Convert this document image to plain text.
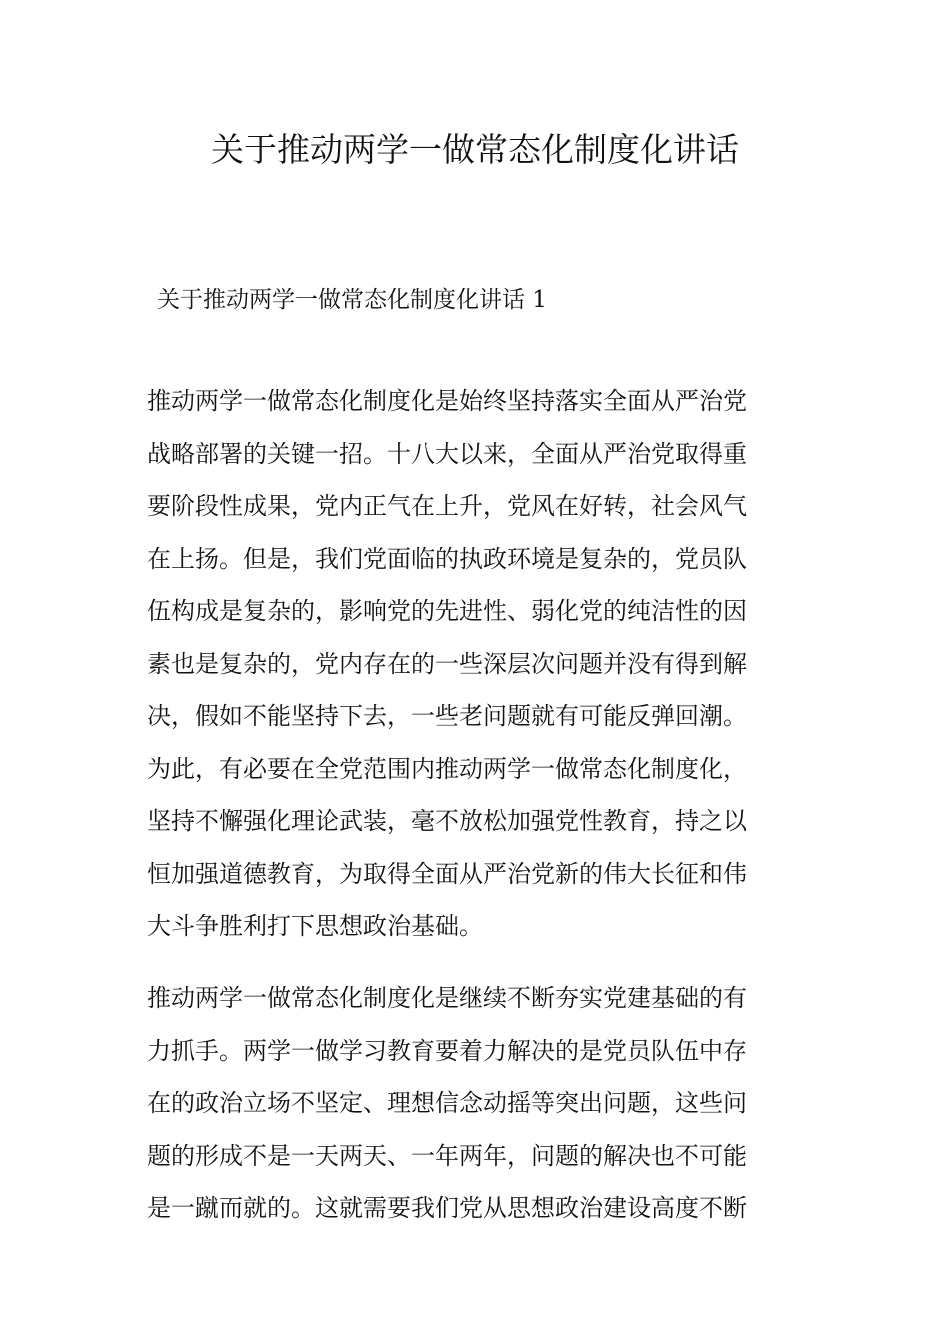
关于推动两学一做常态化制度化讲话

关于推动两学一做常态化制度化讲话 1

推动两学一做常态化制度化是始终坚持落实全面从严治党
战略部署的关键一招。十八大以来，全面从严治党取得重
要阶段性成果，党内正气在上升，党风在好转，社会风气
在上扬。但是，我们党面临的执政环境是复杂的，党员队
伍构成是复杂的，影响党的先进性、弱化党的纯洁性的因
素也是复杂的，党内存在的一些深层次问题并没有得到解
决，假如不能坚持下去，一些老问题就有可能反弹回潮。
为此，有必要在全党范围内推动两学一做常态化制度化，
坚持不懈强化理论武装，毫不放松加强党性教育，持之以
恒加强道德教育，为取得全面从严治党新的伟大长征和伟
大斗争胜利打下思想政治基础。
推动两学一做常态化制度化是继续不断夯实党建基础的有
力抓手。两学一做学习教育要着力解决的是党员队伍中存
在的政治立场不坚定、理想信念动摇等突出问题，这些问
题的形成不是一天两天、一年两年，问题的解决也不可能
是一蹴而就的。这就需要我们党从思想政治建设高度不断
